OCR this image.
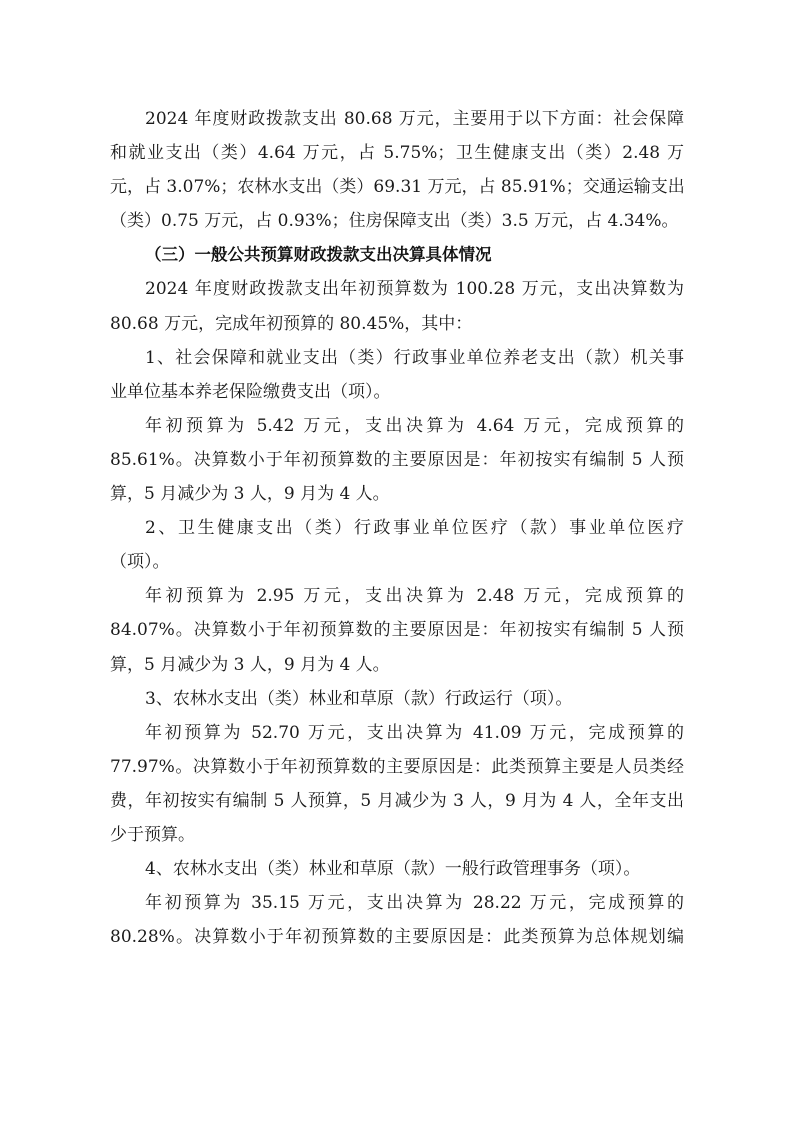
2024 年度财政拨款支出 80.68 万元，主要用于以下方面：社会保障
和就业支出（类）4.64 万元，占 5.75%；卫生健康支出（类）2.48 万
元，占 3.07%；农林水支出（类）69.31 万元，占 85.91%；交通运输支出
（类）0.75 万元，占 0.93%；住房保障支出（类）3.5 万元，占 4.34%。
（三）一般公共预算财政拨款支出决算具体情况
2024 年度财政拨款支出年初预算数为 100.28 万元，支出决算数为
80.68 万元，完成年初预算的 80.45%，其中：
1、社会保障和就业支出（类）行政事业单位养老支出（款）机关事
业单位基本养老保险缴费支出（项）。
年初预算为 5.42 万元，支出决算为 4.64 万元，完成预算的
85.61%。决算数小于年初预算数的主要原因是：年初按实有编制 5 人预
算，5 月减少为 3 人，9 月为 4 人。
2、卫生健康支出（类）行政事业单位医疗（款）事业单位医疗
（项）。
年初预算为 2.95 万元，支出决算为 2.48 万元，完成预算的
84.07%。决算数小于年初预算数的主要原因是：年初按实有编制 5 人预
算，5 月减少为 3 人，9 月为 4 人。
3、农林水支出（类）林业和草原（款）行政运行（项）。
年初预算为 52.70 万元，支出决算为 41.09 万元，完成预算的
77.97%。决算数小于年初预算数的主要原因是：此类预算主要是人员类经
费，年初按实有编制 5 人预算，5 月减少为 3 人，9 月为 4 人，全年支出
少于预算。
4、农林水支出（类）林业和草原（款）一般行政管理事务（项）。
年初预算为 35.15 万元，支出决算为 28.22 万元，完成预算的
80.28%。决算数小于年初预算数的主要原因是：此类预算为总体规划编
